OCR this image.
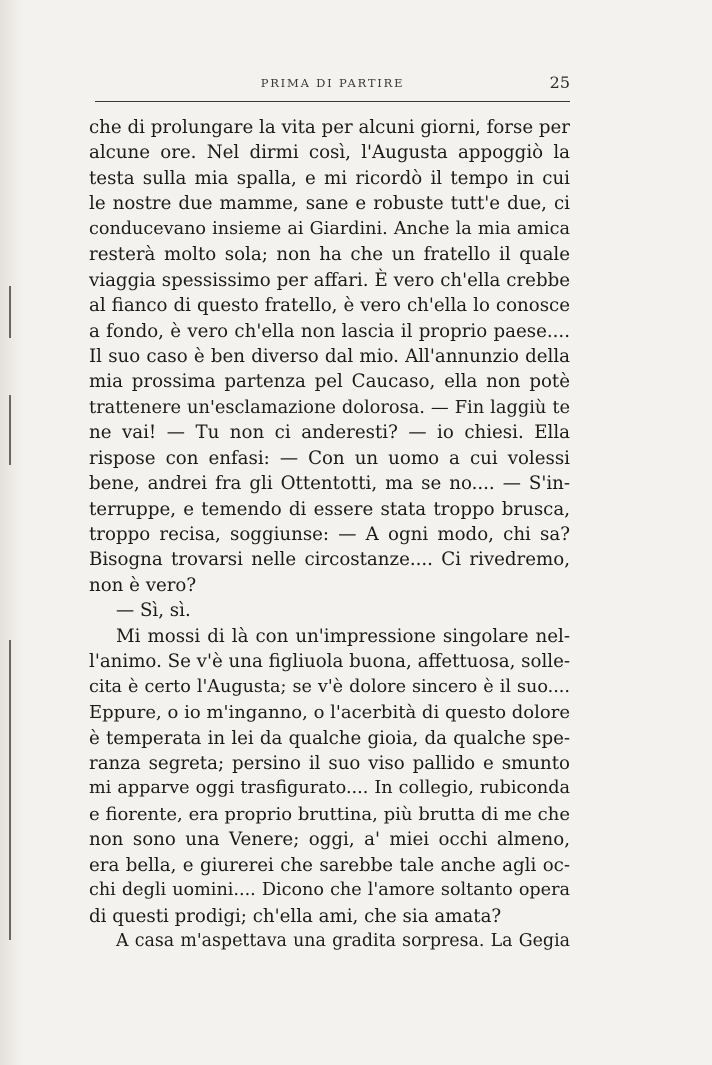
PRIMA DI PARTIRE	25
che di prolungare la vita per alcuni giorni, forse per
alcune ore. Nel dirmi così, l'Augusta appoggiò la
testa sulla mia spalla, e mi ricordò il tempo in cui
le nostre due mamme, sane e robuste tutt'e due, ci
conducevano insieme ai Giardini. Anche la mia amica
resterà molto sola; non ha che un fratello il quale
viaggia spessissimo per affari. È vero ch'ella crebbe
al fianco di questo fratello, è vero ch'ella lo conosce
a fondo, è vero ch'ella non lascia il proprio paese....
Il suo caso è ben diverso dal mio. All'annunzio della
mia prossima partenza pel Caucaso, ella non potè
trattenere un'esclamazione dolorosa. — Fin laggiù te
ne vai! — Tu non ci anderesti? — io chiesi. Ella
rispose con enfasi: — Con un uomo a cui volessi
bene, andrei fra gli Ottentotti, ma se no.... — S'in-
terruppe, e temendo di essere stata troppo brusca,
troppo recisa, soggiunse: — A ogni modo, chi sa?
Bisogna trovarsi nelle circostanze.... Ci rivedremo,
non è vero?
— Sì, sì.
Mi mossi di là con un'impressione singolare nel-
l'animo. Se v'è una figliuola buona, affettuosa, solle-
cita è certo l'Augusta; se v'è dolore sincero è il suo....
Eppure, o io m'inganno, o l'acerbità di questo dolore
è temperata in lei da qualche gioia, da qualche spe-
ranza segreta; persino il suo viso pallido e smunto
mi apparve oggi trasfigurato.... In collegio, rubiconda
e fiorente, era proprio bruttina, più brutta di me che
non sono una Venere; oggi, a' miei occhi almeno,
era bella, e giurerei che sarebbe tale anche agli oc-
chi degli uomini.... Dicono che l'amore soltanto opera
di questi prodigi; ch'ella ami, che sia amata?
A casa m'aspettava una gradita sorpresa. La Gegia
